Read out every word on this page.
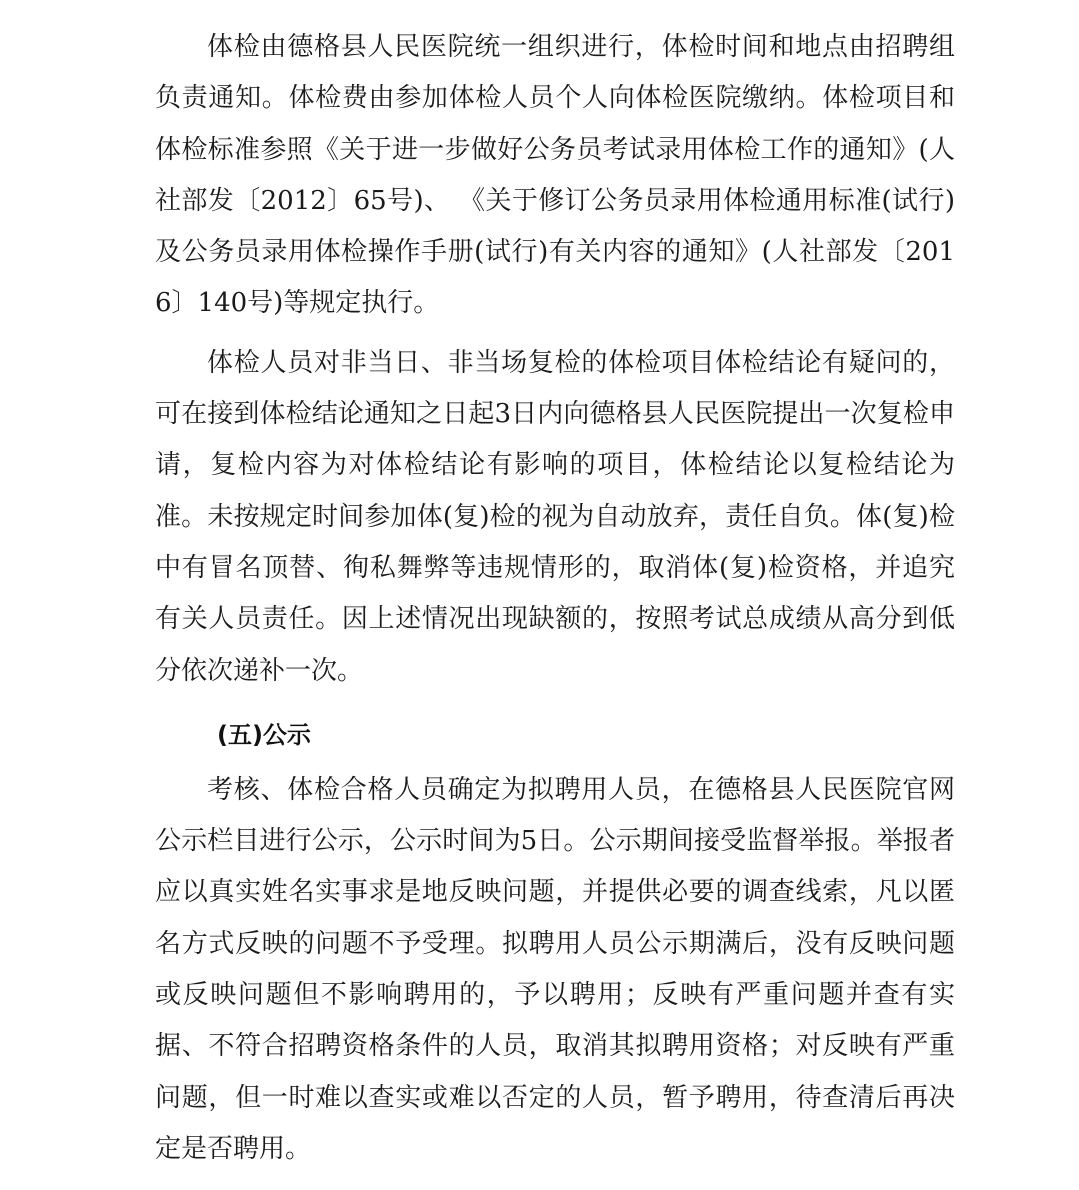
体检由德格县人民医院统一组织进行，体检时间和地点由招聘组负责通知。体检费由参加体检人员个人向体检医院缴纳。体检项目和体检标准参照《关于进一步做好公务员考试录用体检工作的通知》(人社部发〔2012〕65号)、 《关于修订公务员录用体检通用标准(试行)及公务员录用体检操作手册(试行)有关内容的通知》(人社部发〔2016〕140号)等规定执行。

体检人员对非当日、非当场复检的体检项目体检结论有疑问的，可在接到体检结论通知之日起3日内向德格县人民医院提出一次复检申请，复检内容为对体检结论有影响的项目，体检结论以复检结论为准。未按规定时间参加体(复)检的视为自动放弃，责任自负。体(复)检中有冒名顶替、徇私舞弊等违规情形的，取消体(复)检资格，并追究有关人员责任。因上述情况出现缺额的，按照考试总成绩从高分到低分依次递补一次。

(五)公示

考核、体检合格人员确定为拟聘用人员，在德格县人民医院官网公示栏目进行公示，公示时间为5日。公示期间接受监督举报。举报者应以真实姓名实事求是地反映问题，并提供必要的调查线索，凡以匿名方式反映的问题不予受理。拟聘用人员公示期满后，没有反映问题或反映问题但不影响聘用的，予以聘用；反映有严重问题并查有实据、不符合招聘资格条件的人员，取消其拟聘用资格；对反映有严重问题，但一时难以查实或难以否定的人员，暂予聘用，待查清后再决定是否聘用。
